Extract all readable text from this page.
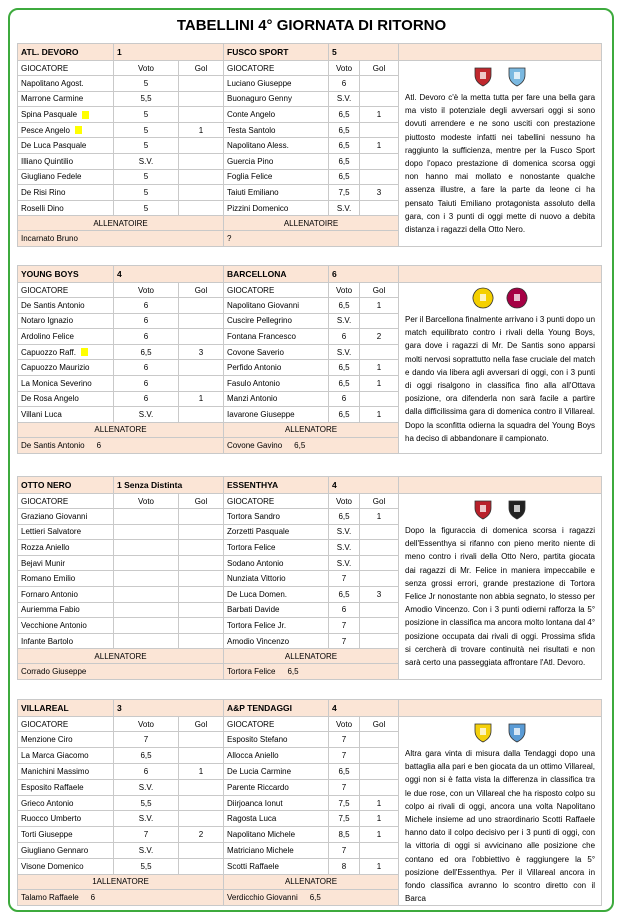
TABELLINI 4° GIORNATA DI RITORNO
ATL. DEVORO	1		FUSCO SPORT	5			
GIOCATORE	Voto	Gol	GIOCATORE	Voto	Gol	Atl. Devoro c'è la metta tutta per fare una bella gara ma visto il potenziale degli avversari oggi si sono dovuti arrendere e ne sono usciti con prestazione piuttosto modeste infatti nei tabellini nessuno ha raggiunto la sufficienza, mentre per la Fusco Sport dopo l'opaco prestazione di domenica scorsa oggi non hanno mai mollato e nonostante qualche assenza illustre, a fare la parte da leone ci ha pensato Taiuti Emiliano protagonista assoluto della gara, con i 3 punti di oggi mette di nuovo a debita distanza i ragazzi della Otto Nero.	

Napolitano Agost.	5		Luciano Giuseppe	6			
Marrone Carmine	5,5		Buonaguro Genny	S.V.			
Spina Pasquale	5		Conte Angelo	6,5	1		
Pesce Angelo	5	1	Testa Santolo	6,5			
De Luca Pasquale	5		Napolitano Aless.	6,5	1		
Illiano Quintilio	S.V.		Guercia Pino	6,5			
Giugliano Fedele	5		Foglia Felice	6,5			
De Risi Rino	5		Taiuti Emiliano	7,5	3		
Roselli Dino	5		Pizzini Domenico	S.V.			
ALLENATOIRE			ALLENATOIRE				
Incarnato Bruno			?	
YOUNG BOYS	4		BARCELLONA	6			
GIOCATORE	Voto	Gol	GIOCATORE	Voto	Gol	Per il Barcellona finalmente arrivano i 3 punti dopo un match equilibrato contro i rivali della Young Boys, gara dove i ragazzi di Mr. De Santis sono apparsi molti nervosi soprattutto nella fase cruciale del match e dando via libera agli avversari di oggi, con i 3 punti di oggi risalgono in classifica fino alla all'Ottava posizione, ora difenderla non sarà facile a partire dalla difficilissima gara di domenica contro il Villareal. Dopo la sconfitta odierna la squadra del Young Boys ha deciso di abbandonare il campionato.	

De Santis Antonio	6		Napolitano Giovanni	6,5	1		
Notaro Ignazio	6		Cuscire Pellegrino	S.V.			
Ardolino Felice	6		Fontana Francesco	6	2		
Capuozzo Raff.	6,5	3	Covone Saverio	S.V.			
Capuozzo Maurizio	6		Perfido Antonio	6,5	1		
La Monica Severino	6		Fasulo Antonio	6,5	1		
De Rosa Angelo	6	1	Manzi Antonio	6			
Villani Luca	S.V.		Iavarone Giuseppe	6,5	1		
ALLENATORE			ALLENATORE				
De Santis Antonio 6			Covone Gavino 6,5	
OTTO NERO	1 Senza Distinta		ESSENTHYA	4			
GIOCATORE	Voto	Gol	GIOCATORE	Voto	Gol	Dopo la figuraccia di domenica scorsa i ragazzi dell'Essenthya si rifanno con pieno merito niente di meno contro i rivali della Otto Nero, partita giocata dai ragazzi di Mr. Felice in maniera impeccabile e senza grossi errori, grande prestazione di Tortora Felice Jr nonostante non abbia segnato, lo stesso per Amodio Vincenzo. Con i 3 punti odierni rafforza la 5° posizione in classifica ma ancora molto lontana dal 4° posizione occupata dai rivali di oggi. Prossima sfida si cercherà di trovare continuità nei risultati e non sarà certo una passeggiata affrontare l'Atl. Devoro.	

Graziano Giovanni			Tortora Sandro	6,5	1		
Lettieri Salvatore			Zorzetti Pasquale	S.V.			
Rozza Aniello			Tortora Felice	S.V.			
Bejavi Munir			Sodano Antonio	S.V.			
Romano Emilio			Nunziata Vittorio	7			
Fornaro Antonio			De Luca Domen.	6,5	3		
Auriemma Fabio			Barbati Davide	6			
Vecchione Antonio			Tortora Felice Jr.	7			
Infante Bartolo			Amodio Vincenzo	7			
ALLENATORE			ALLENATORE				
Corrado Giuseppe			Tortora Felice 6,5	
VILLAREAL	3		A&P TENDAGGI	4			
GIOCATORE	Voto	Gol	GIOCATORE	Voto	Gol	Altra gara vinta di misura dalla Tendaggi dopo una battaglia alla pari e ben giocata da un ottimo Villareal, oggi non si è fatta vista la differenza in classifica tra le due rose, con un Villareal che ha risposto colpo su colpo ai rivali di oggi, ancora una volta Napolitano Michele insieme ad uno straordinario Scotti Raffaele hanno dato il colpo decisivo per i 3 punti di oggi, con la vittoria di oggi si avvicinano alle posizione che contano ed ora l'obbiettivo è raggiungere la 5° posizione dell'Essenthya. Per il Villareal ancora in fondo classifica avranno lo scontro diretto con il Barca	

Menzione Ciro	7		Esposito Stefano	7			
La Marca Giacomo	6,5		Allocca Aniello	7			
Manichini Massimo	6	1	De Lucia Carmine	6,5			
Esposito Raffaele	S.V.		Parente Riccardo	7			
Grieco Antonio	5,5		Diirjoanca Ionut	7,5	1		
Ruocco Umberto	S.V.		Ragosta Luca	7,5	1		
Torti Giuseppe	7	2	Napolitano Michele	8,5	1		
Giugliano Gennaro	S.V.		Matriciano Michele	7			
Visone Domenico	5,5		Scotti Raffaele	8	1		
1ALLENATORE			ALLENATORE				
Talamo Raffaele 6			Verdicchio Giovanni 6,5	
